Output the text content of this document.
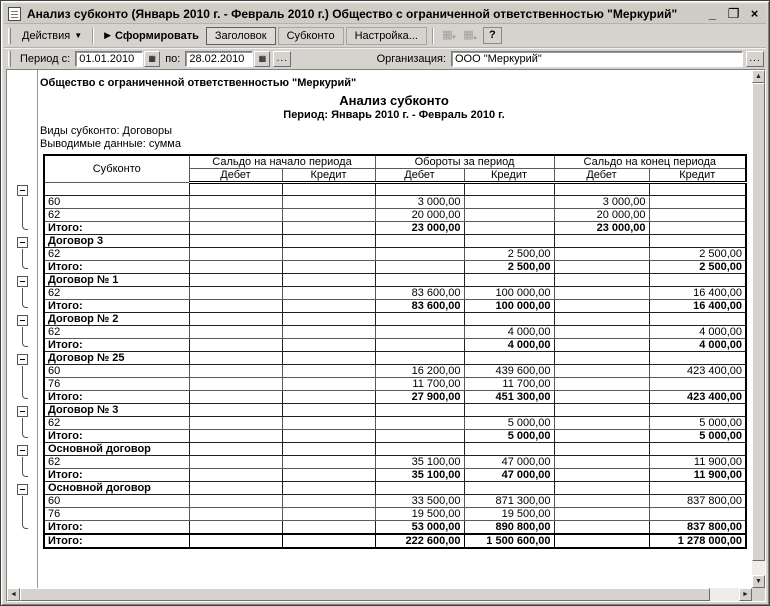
Анализ субконто (Январь 2010 г. - Февраль 2010 г.) Общество с ограниченной ответственностью "Меркурий"	_ ❐ ×
Действия ▼ ▶ Сформировать	Заголовок	Субконто	Настройка...	▦
▼ ▦
▲	?
Период с:
01.01.2010	▦ по:
28.02.2010	▦	...	Организация:
ООО "Меркурий"	...
Общество с ограниченной ответственностью "Меркурий"
Анализ субконто
Период: Январь 2010 г. - Февраль 2010 г.
Виды субконто: Договоры
Выводимые данные: сумма
Субконто	Сальдо на начало периода		Обороты за период		Сальдо на конец периода	
	Дебет	Кредит	Дебет	Кредит	Дебет	Кредит

60			3 000,00		3 000,00	
62			20 000,00		20 000,00	
Итого:			23 000,00		23 000,00	
Договор 3						
62				2 500,00		2 500,00
Итого:				2 500,00		2 500,00
Договор № 1						
62			83 600,00	100 000,00		16 400,00
Итого:			83 600,00	100 000,00		16 400,00
Договор № 2						
62				4 000,00		4 000,00
Итого:				4 000,00		4 000,00
Договор № 25						
60			16 200,00	439 600,00		423 400,00
76			11 700,00	11 700,00		
Итого:			27 900,00	451 300,00		423 400,00
Договор № 3						
62				5 000,00		5 000,00
Итого:				5 000,00		5 000,00
Основной договор						
62			35 100,00	47 000,00		11 900,00
Итого:			35 100,00	47 000,00		11 900,00
Основной договор						
60			33 500,00	871 300,00		837 800,00
76			19 500,00	19 500,00		
Итого:			53 000,00	890 800,00		837 800,00
Итого:			222 600,00	1 500 600,00		1 278 000,00
▲
▼
◄	►
